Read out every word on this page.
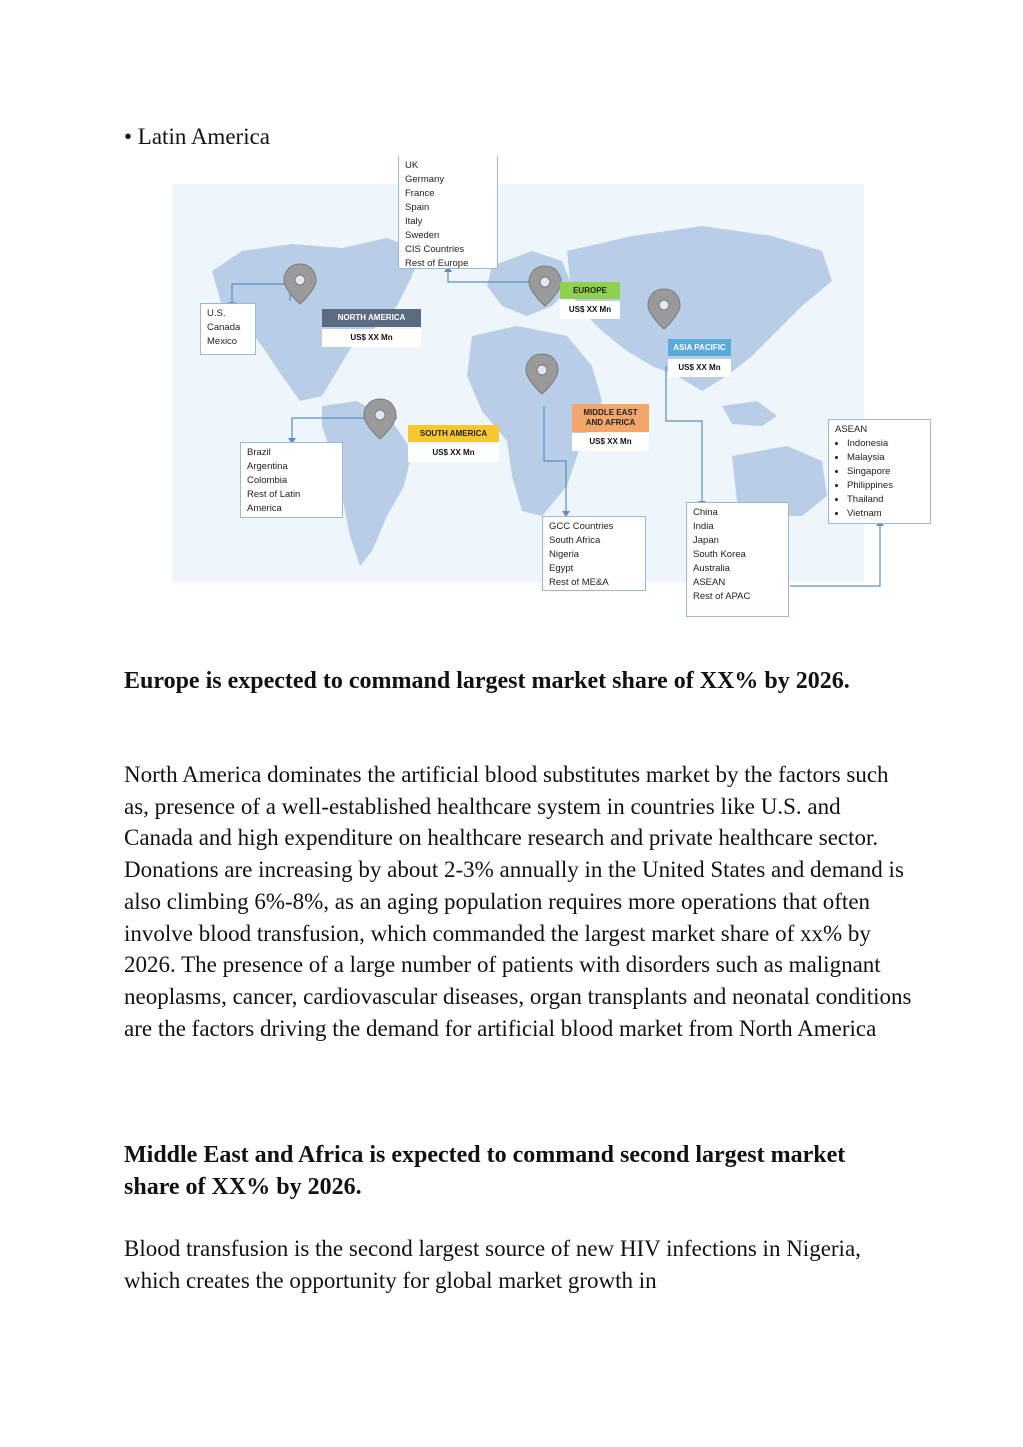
• Latin America
UK
Germany
France
Spain
Italy
Sweden
CIS Countries
Rest of Europe
U.S.
Canada
Mexico
Brazil
Argentina
Colombia
Rest of Latin
America
GCC Countries
South Africa
Nigeria
Egypt
Rest of ME&A
China
India
Japan
South Korea
Australia
ASEAN
Rest of APAC
ASEAN
• Indonesia
• Malaysia
• Singapore
• Philippines
• Thailand
• Vietnam
NORTH AMERICA
US$ XX Mn
EUROPE
US$ XX Mn
ASIA PACIFIC
US$ XX Mn
SOUTH AMERICA
US$ XX Mn
MIDDLE EAST AND AFRICA
US$ XX Mn
Europe is expected to command largest market share of XX% by 2026.

North America dominates the artificial blood substitutes market by the factors such as, presence of a well-established healthcare system in countries like U.S. and Canada and high expenditure on healthcare research and private healthcare sector. Donations are increasing by about 2-3% annually in the United States and demand is also climbing 6%-8%, as an aging population requires more operations that often involve blood transfusion, which commanded the largest market share of xx% by 2026. The presence of a large number of patients with disorders such as malignant neoplasms, cancer, cardiovascular diseases, organ transplants and neonatal conditions are the factors driving the demand for artificial blood market from North America

Middle East and Africa is expected to command second largest market share of XX% by 2026.

Blood transfusion is the second largest source of new HIV infections in Nigeria, which creates the opportunity for global market growth in
